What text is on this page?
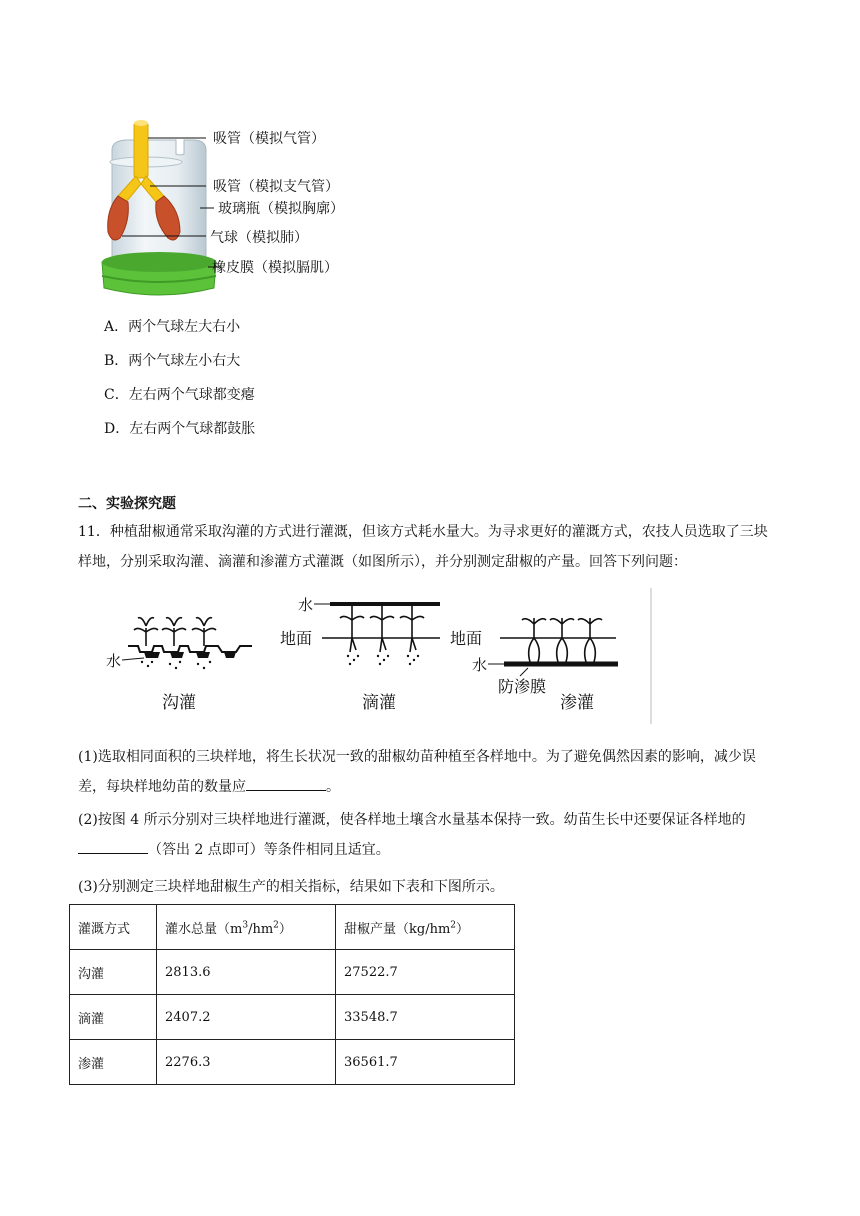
吸管（模拟气管）
吸管（模拟支气管）
玻璃瓶（模拟胸廓）
气球（模拟肺）
橡皮膜（模拟膈肌）
A．两个气球左大右小
B．两个气球左小右大
C．左右两个气球都变瘪
D．左右两个气球都鼓胀
二、实验探究题
11．种植甜椒通常采取沟灌的方式进行灌溉，但该方式耗水量大。为寻求更好的灌溉方式，农技人员选取了三块样地，分别采取沟灌、滴灌和渗灌方式灌溉（如图所示），并分别测定甜椒的产量。回答下列问题：
水
沟灌
水
地面
滴灌
地面
水
防渗膜
渗灌
(1)选取相同面积的三块样地，将生长状况一致的甜椒幼苗种植至各样地中。为了避免偶然因素的影响，减少误差，每块样地幼苗的数量应	。
(2)按图 4 所示分别对三块样地进行灌溉，使各样地土壤含水量基本保持一致。幼苗生长中还要保证各样地的（答出 2 点即可）等条件相同且适宜。
(3)分别测定三块样地甜椒生产的相关指标，结果如下表和下图所示。
灌溉方式	灌水总量$(m^3/hm^2)$	甜椒产量$(kg/hm^2)$
沟灌	2813.6	27522.7
滴灌	2407.2	33548.7
渗灌	2276.3	36561.7
